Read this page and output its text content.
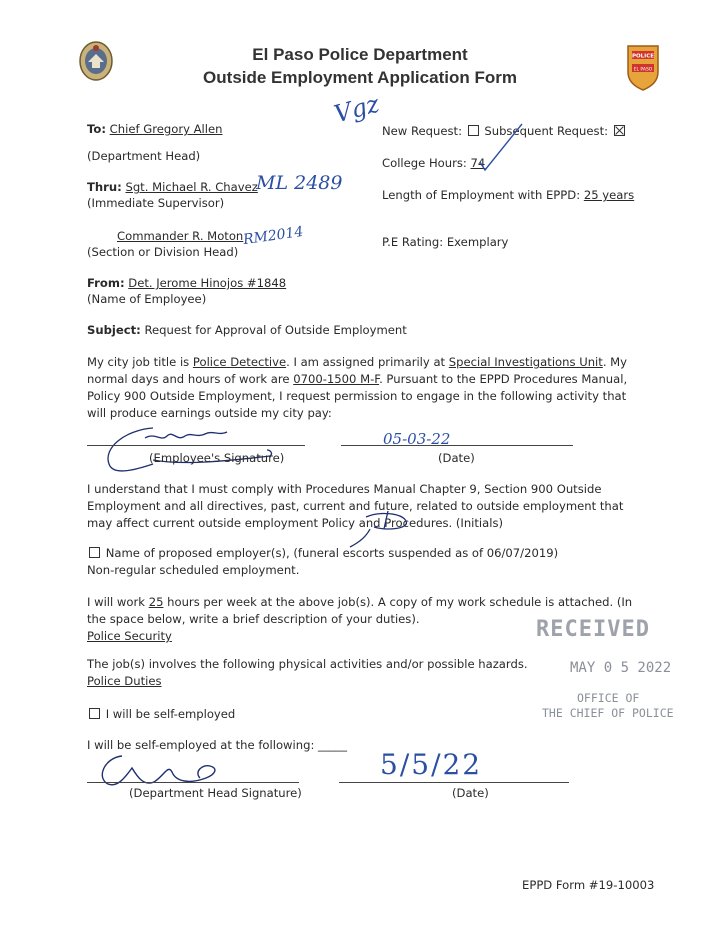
El Paso Police Department
Outside Employment Application Form
POLICE
EL PASO
To: Chief Gregory Allen
(Department Head)
Thru: Sgt. Michael R. Chavez
(Immediate Supervisor)
ML 2489
Commander R. Moton
(Section or Division Head)
RM2014
Vgz
New Request: Subsequent Request:
College Hours: 74
Length of Employment with EPPD: 25 years
P.E Rating: Exemplary
From: Det. Jerome Hinojos #1848
(Name of Employee)
Subject: Request for Approval of Outside Employment
My city job title is Police Detective. I am assigned primarily at Special Investigations Unit. My normal days and hours of work are 0700-1500 M-F. Pursuant to the EPPD Procedures Manual, Policy 900 Outside Employment, I request permission to engage in the following activity that will produce earnings outside my city pay:
(Employee's Signature)
05-03-22
(Date)
I understand that I must comply with Procedures Manual Chapter 9, Section 900 Outside Employment and all directives, past, current and future, related to outside employment that may affect current outside employment Policy and Procedures. (Initials)
Name of proposed employer(s), (funeral escorts suspended as of 06/07/2019)
Non-regular scheduled employment.
I will work 25 hours per week at the above job(s). A copy of my work schedule is attached. (In the space below, write a brief description of your duties).
Police Security	RECEIVED
MAY 0 5 2022
OFFICE OF
THE CHIEF OF POLICE
The job(s) involves the following physical activities and/or possible hazards.
Police Duties
I will be self-employed
I will be self-employed at the following: _____
(Department Head Signature)
5/5/22
(Date)
EPPD Form #19-10003
